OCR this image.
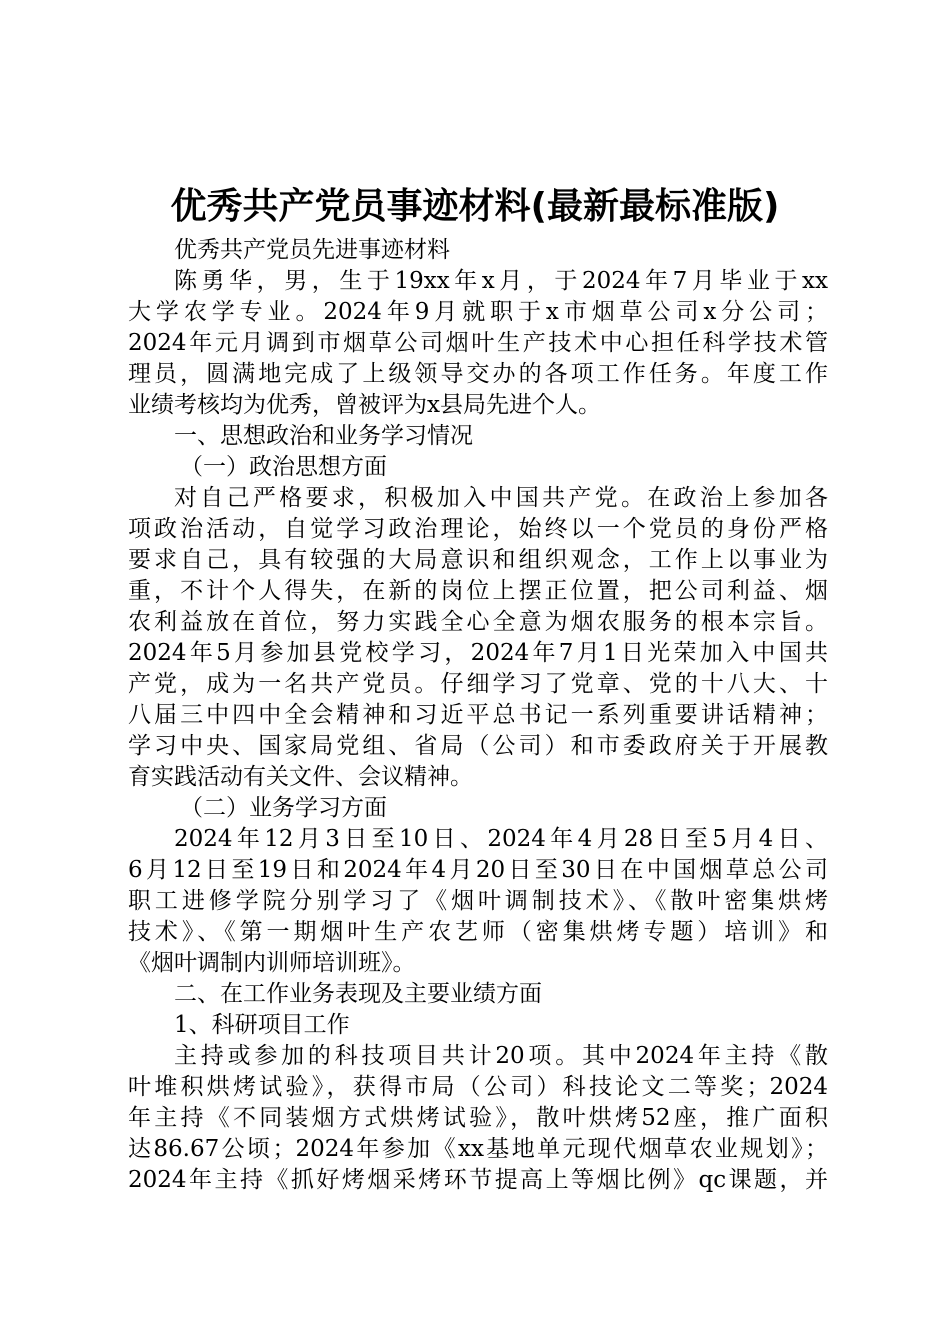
优秀共产党员事迹材料(最新最标准版)
优秀共产党员先进事迹材料
陈勇华，男，生于19xx年x月，于2024年7月毕业于xx
大学农学专业。2024年9月就职于x市烟草公司x分公司；
2024年元月调到市烟草公司烟叶生产技术中心担任科学技术管
理员，圆满地完成了上级领导交办的各项工作任务。年度工作
业绩考核均为优秀，曾被评为x县局先进个人。
一、思想政治和业务学习情况
（一）政治思想方面
对自己严格要求，积极加入中国共产党。在政治上参加各
项政治活动，自觉学习政治理论，始终以一个党员的身份严格
要求自己，具有较强的大局意识和组织观念，工作上以事业为
重，不计个人得失，在新的岗位上摆正位置，把公司利益、烟
农利益放在首位，努力实践全心全意为烟农服务的根本宗旨。
2024年5月参加县党校学习，2024年7月1日光荣加入中国共
产党，成为一名共产党员。仔细学习了党章、党的十八大、十
八届三中四中全会精神和习近平总书记一系列重要讲话精神；
学习中央、国家局党组、省局（公司）和市委政府关于开展教
育实践活动有关文件、会议精神。
（二）业务学习方面
2024年12月3日至10日、2024年4月28日至5月4日、
6月12日至19日和2024年4月20日至30日在中国烟草总公司
职工进修学院分别学习了《烟叶调制技术》、《散叶密集烘烤
技术》、《第一期烟叶生产农艺师（密集烘烤专题）培训》和
《烟叶调制内训师培训班》。
二、在工作业务表现及主要业绩方面
1、科研项目工作
主持或参加的科技项目共计20项。其中2024年主持《散
叶堆积烘烤试验》，获得市局（公司）科技论文二等奖；2024
年主持《不同装烟方式烘烤试验》，散叶烘烤52座，推广面积
达86.67公顷；2024年参加《xx基地单元现代烟草农业规划》；
2024年主持《抓好烤烟采烤环节提高上等烟比例》qc课题，并
